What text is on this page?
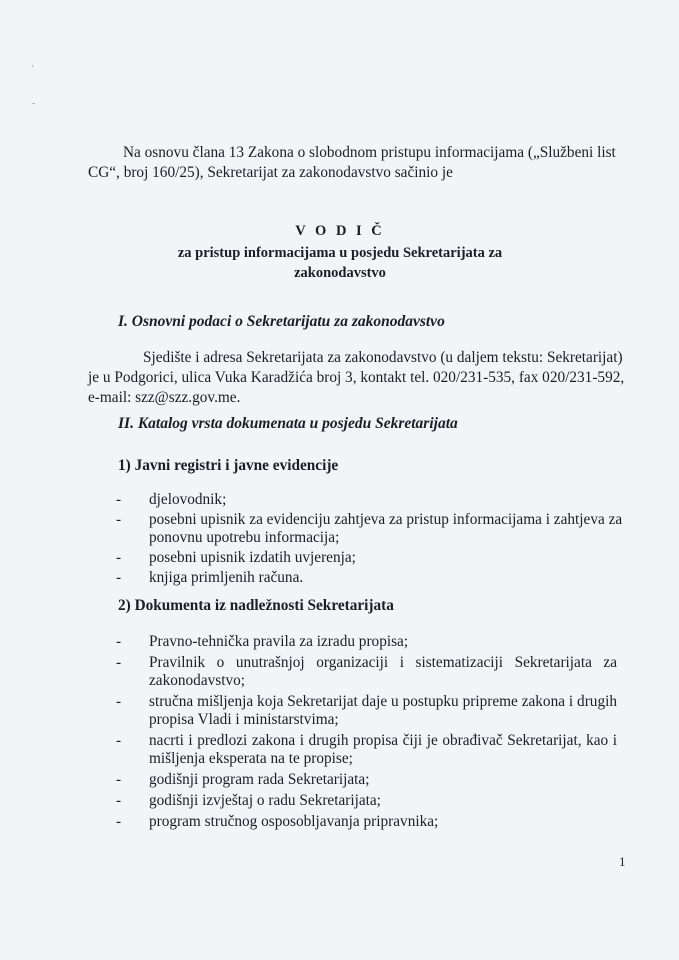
'
-

Na osnovu člana 13 Zakona o slobodnom pristupu informacijama („Službeni list CG“, broj 160/25), Sekretarijat za zakonodavstvo sačinio je

V O D I Č
za pristup informacijama u posjedu Sekretarijata za
zakonodavstvo
I. Osnovni podaci o Sekretarijatu za zakonodavstvo

Sjedište i adresa Sekretarijata za zakonodavstvo (u daljem tekstu: Sekretarijat) je u Podgorici, ulica Vuka Karadžića broj 3, kontakt tel. 020/231-535, fax 020/231-592, e-mail: szz@szz.gov.me.

II. Katalog vrsta dokumenata u posjedu Sekretarijata
1) Javni registri i javne evidencije
- djelovodnik;
- posebni upisnik za evidenciju zahtjeva za pristup informacijama i zahtjeva za ponovnu upotrebu informacija;
- posebni upisnik izdatih uvjerenja;
- knjiga primljenih računa.
2) Dokumenta iz nadležnosti Sekretarijata
- Pravno-tehnička pravila za izradu propisa;
- Pravilnik o unutrašnjoj organizaciji i sistematizaciji Sekretarijata za zakonodavstvo;
- stručna mišljenja koja Sekretarijat daje u postupku pripreme zakona i drugih propisa Vladi i ministarstvima;
- nacrti i predlozi zakona i drugih propisa čiji je obrađivač Sekretarijat, kao i mišljenja eksperata na te propise;
- godišnji program rada Sekretarijata;
- godišnji izvještaj o radu Sekretarijata;
- program stručnog osposobljavanja pripravnika;
1
